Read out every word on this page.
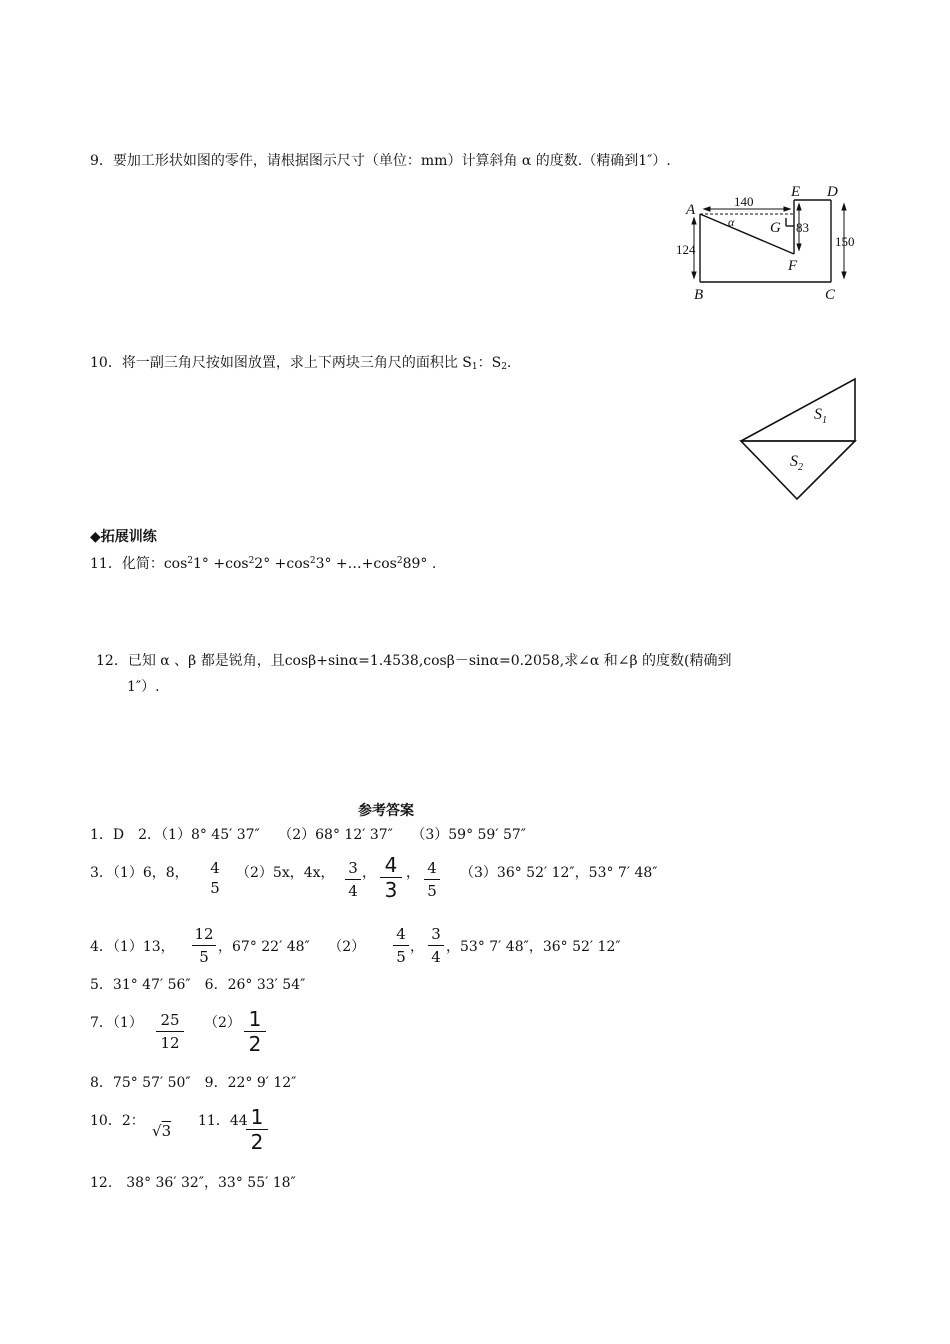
9．要加工形状如图的零件，请根据图示尺寸（单位：mm）计算斜角 α 的度数.（精确到1″）.
A
B	C
D
E
F
G
α
140
124
83
150
10．将一副三角尺按如图放置，求上下两块三角尺的面积比 $S_1$：$S_2$.
$S_1$
$S_2$
◆拓展训练
11．化简：$\cos^21^\circ +\cos^22^\circ +\cos^23^\circ$ $+\dots+\cos^289^\circ$ .
12．已知 α 、β 都是锐角，且cosβ+sinα=1.4538,cosβ－sinα=0.2058,求∠α 和∠β 的度数(精确到
1″）.
参考答案
1．D　2．（1）8° 45′ 37″　 （2）68° 12′ 37″　 （3）59° 59′ 57″
3．（1）6，8， 4
5
（2）5x，4x， 3
4
， 4
3
， 4
5
（3）36° 52′ 12″，53° 7′ 48″
4．（1）13，
12
5
，67° 22′ 48″　 （2）
4
5
，
3
4
，53° 7′ 48″，36° 52′ 12″
5．31° 47′ 56″　6．26° 33′ 54″
7．（1） 25
12
（2） 1
2
8．75° 57′ 50″　9．22° 9′ 12″
10．2：
√3
11．44 1
2
12.　38° 36′ 32″，33° 55′ 18″
